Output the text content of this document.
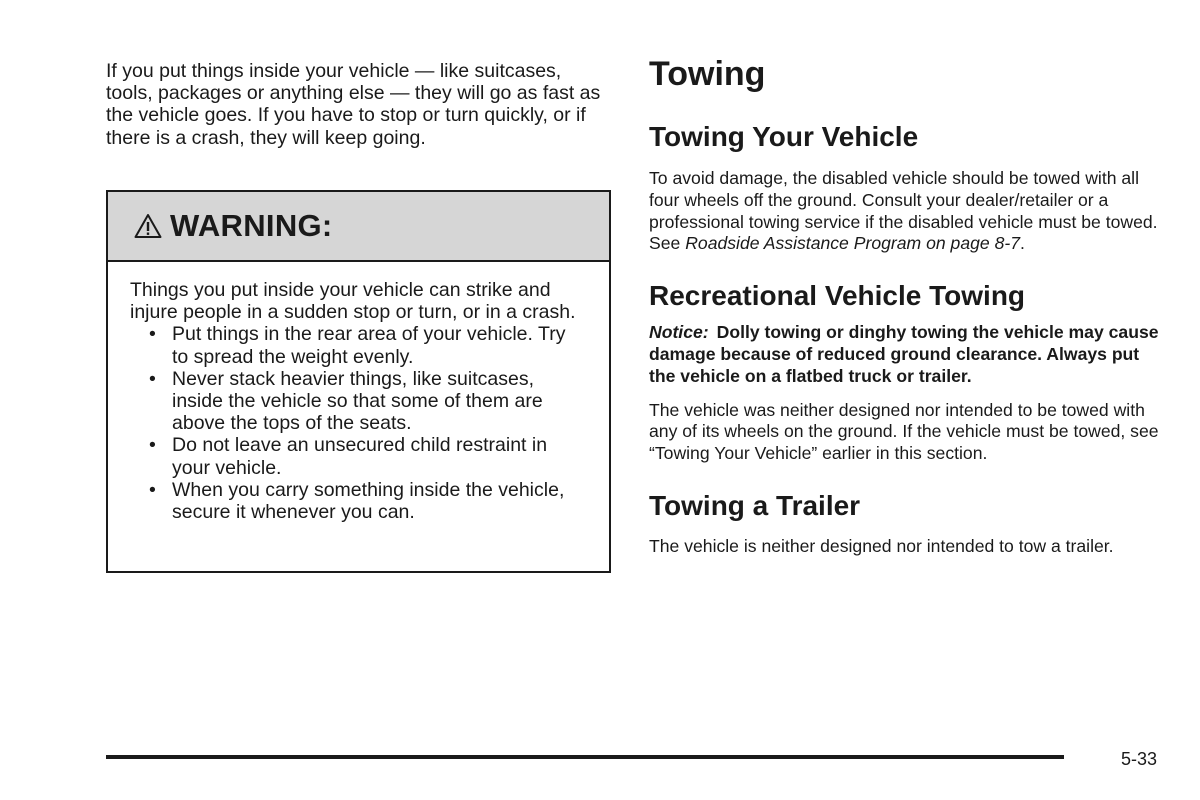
If you put things inside your vehicle — like suitcases, tools, packages or anything else — they will go as fast as the vehicle goes. If you have to stop or turn quickly, or if there is a crash, they will keep going.

WARNING:

Things you put inside your vehicle can strike and injure people in a sudden stop or turn, or in a crash.

• Put things in the rear area of your vehicle. Try to spread the weight evenly.
• Never stack heavier things, like suitcases, inside the vehicle so that some of them are above the tops of the seats.
• Do not leave an unsecured child restraint in your vehicle.
• When you carry something inside the vehicle, secure it whenever you can.
Towing
Towing Your Vehicle

To avoid damage, the disabled vehicle should be towed with all four wheels off the ground. Consult your dealer/retailer or a professional towing service if the disabled vehicle must be towed. See Roadside Assistance Program on page 8-7.

Recreational Vehicle Towing

Notice: Dolly towing or dinghy towing the vehicle may cause damage because of reduced ground clearance. Always put the vehicle on a flatbed truck or trailer.

The vehicle was neither designed nor intended to be towed with any of its wheels on the ground. If the vehicle must be towed, see “Towing Your Vehicle” earlier in this section.

Towing a Trailer

The vehicle is neither designed nor intended to tow a trailer.

5-33
